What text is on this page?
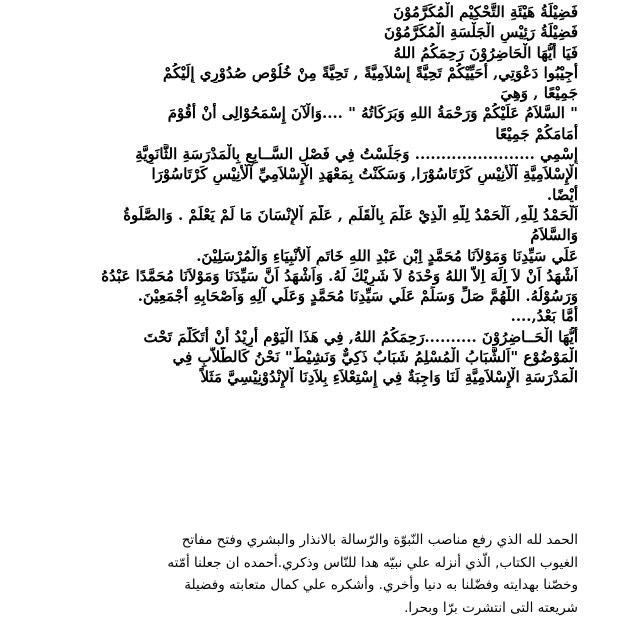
فَضِيْلَةُ هَيْئَةِ التَّحْكِيْمِ الْمُكَرَّمُوْنَ
فَضِيْلَةُ رَئِيْسِ الْجَلْسَةِ الْمُكَرَّمُوْنَ
فَيَا أَيُّهَا الْحَاضِرُوْنَ رَحِمَكُمُ اللهُ
أَجِيْبُوا دَعْوَتِي, أُحَيِّيْكُمْ تَحِيَّةً إِسْلاَمِيَّةً , تَحِيَّةً مِنْ خُلُوْصِ صُدُوْرِي إِلَيْكُمْ
جَمِيْعًا , وَهِيَ
" السَّلاَمُ عَلَيْكُمْ وَرَحْمَةُ اللهِ وَبَرَكَاتُهُ " ....وَالْآنَ إِسْمَحُوْالِى أَنْ أَقُوْمَ
أَمَامَكُمْ جَمِيْعًا
إِسْمِي ....................... وَجَلَسْتُ فِي فَصْلِ السَّــابِعِ بِالْمَدْرَسَةِ الثَّانَوِيَّةِ
الْإِسْلاَمِيَّةِ اْلْأَنِيْسِ كَرْتَاسُوْرَا, وَسَكَنْتُ بِمَعْهَدِ الْإِسْلاَمِيِّ اْلْأَنِيْسِ كَرْتَاسُوْرَا
أَيْضًا.
اَلْحَمْدُ لِلّهِ, اَلْحَمْدُ لِلّهِ الَّذِيْ عَلَّمَ بِالْقَلَمِ , عَلَّمَ اْلإِنْسَانَ مَا لَمْ يَعْلَمْ . وَالصَّلَوةُ
وَالسَّلاَمُ
عَلَي سَيِّدِنَا وَمَوْلاَنَا مُحَمَّدٍ اِبْنِ عَبْدِ اللهِ خَاتَمِ اْلأَنْبِيَاءِ وَالْمُرْسَلِيْنَ.
اَشْهَدُ اَنْ لاَ اِلَهَ اِلاَّ اللهُ وَحْدَهُ لاَ شَرِيْكَ لَهُ. وَاَشْهَدُ اَنَّ سَيِّدَنَا وَمَوْلاَنَا مُحَمَّدًا عَبْدُهُ
وَرَسُوْلُهُ. اللَّهُمَّ صَلِّ وَسَلِّمْ عَلَي سَيِّدِنَا مُحَمَّدٍ وَعَلَي آلِهِ وَاَصْحَابِهِ أَجْمَعِيْنَ.
أَمَّا بَعْدُ,....
أَيُّهَا الْحَــاضِرُوْنَ ..........رَحِمَكُمُ اللهُ, فِي هَذَا الْيَوْمِ أُرِيْدُ أَنْ أَتَكَلَّمَ تَحْتَ
الْمَوْضُوْعِ "اَلشَّبَابُ الْمُسْلِمُ شَبَابٌ ذَكِيٌّ وَنَشِيْطٌ" نَحْنُ كَالطُّلاَّبِ فِي
الْمَدْرَسَةِ الْإِسْلاَمِيَّةِ لَنَا وَاجِبَةٌ فِي إِسْتِعْلاَءِ بِلاَدِنَا اْلإِنْدُوْنِيْسِيَّ مَثَلاً
الحمد لله الذي رفع مناصب النّبوّة والرّسالة بالانذار والبشري وفتح مفاتح
الغيوب الكتاب, الّذي أنزله علي نبيّه هدا للنّاس وذكري.أحمده ان جعلنا أمّته
وخصّنا بهدايته وفضّلنا به دنيا وأخري. وأشكره علي كمال متعابته وفضيلة
شريعته التى انتشرت برّا وبحرا.
